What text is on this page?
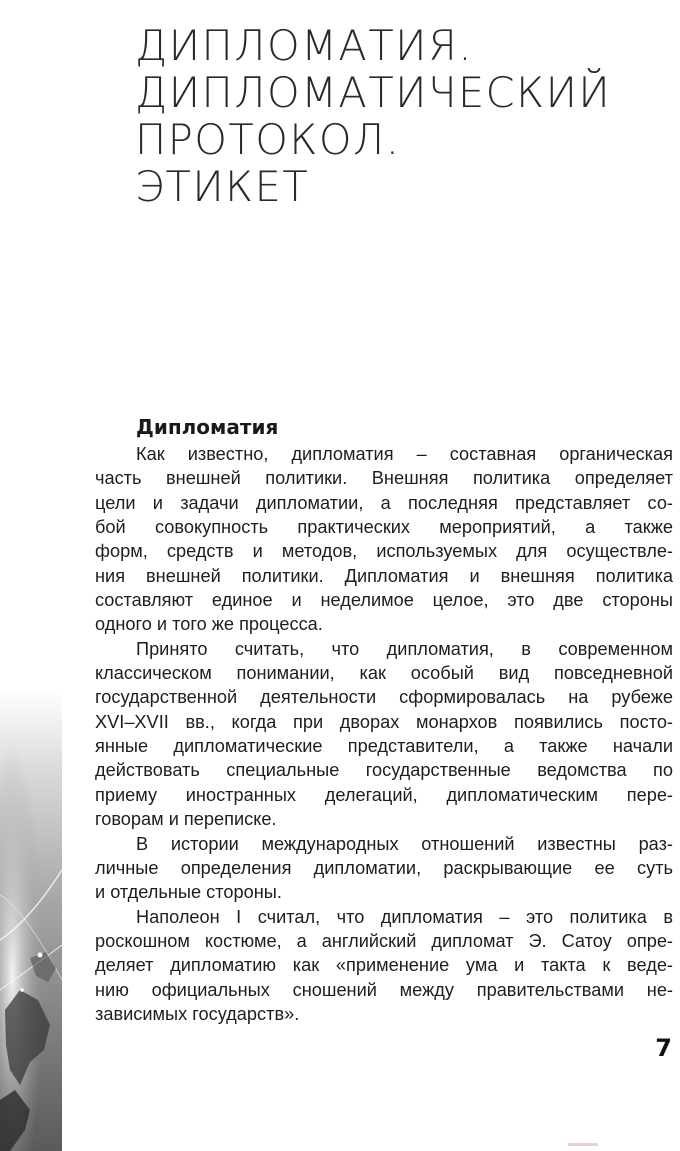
ДИПЛОМАТИЯ.
ДИПЛОМАТИЧЕСКИЙ
ПРОТОКОЛ.
ЭТИКЕТ
Дипломатия
Как известно, дипломатия – составная органическая
часть внешней политики. Внешняя политика определяет
цели и задачи дипломатии, а последняя представляет со-
бой совокупность практических мероприятий, а также
форм, средств и методов, используемых для осуществле-
ния внешней политики. Дипломатия и внешняя политика
составляют единое и неделимое целое, это две стороны
одного и того же процесса.
Принято считать, что дипломатия, в современном
классическом понимании, как особый вид повседневной
государственной деятельности сформировалась на рубеже
XVI–XVII вв., когда при дворах монархов появились посто-
янные дипломатические представители, а также начали
действовать специальные государственные ведомства по
приему иностранных делегаций, дипломатическим пере-
говорам и переписке.
В истории международных отношений известны раз-
личные определения дипломатии, раскрывающие ее суть
и отдельные стороны.
Наполеон I считал, что дипломатия – это политика в
роскошном костюме, а английский дипломат Э. Сатоу опре-
деляет дипломатию как «применение ума и такта к веде-
нию официальных сношений между правительствами не-
зависимых государств».
7
